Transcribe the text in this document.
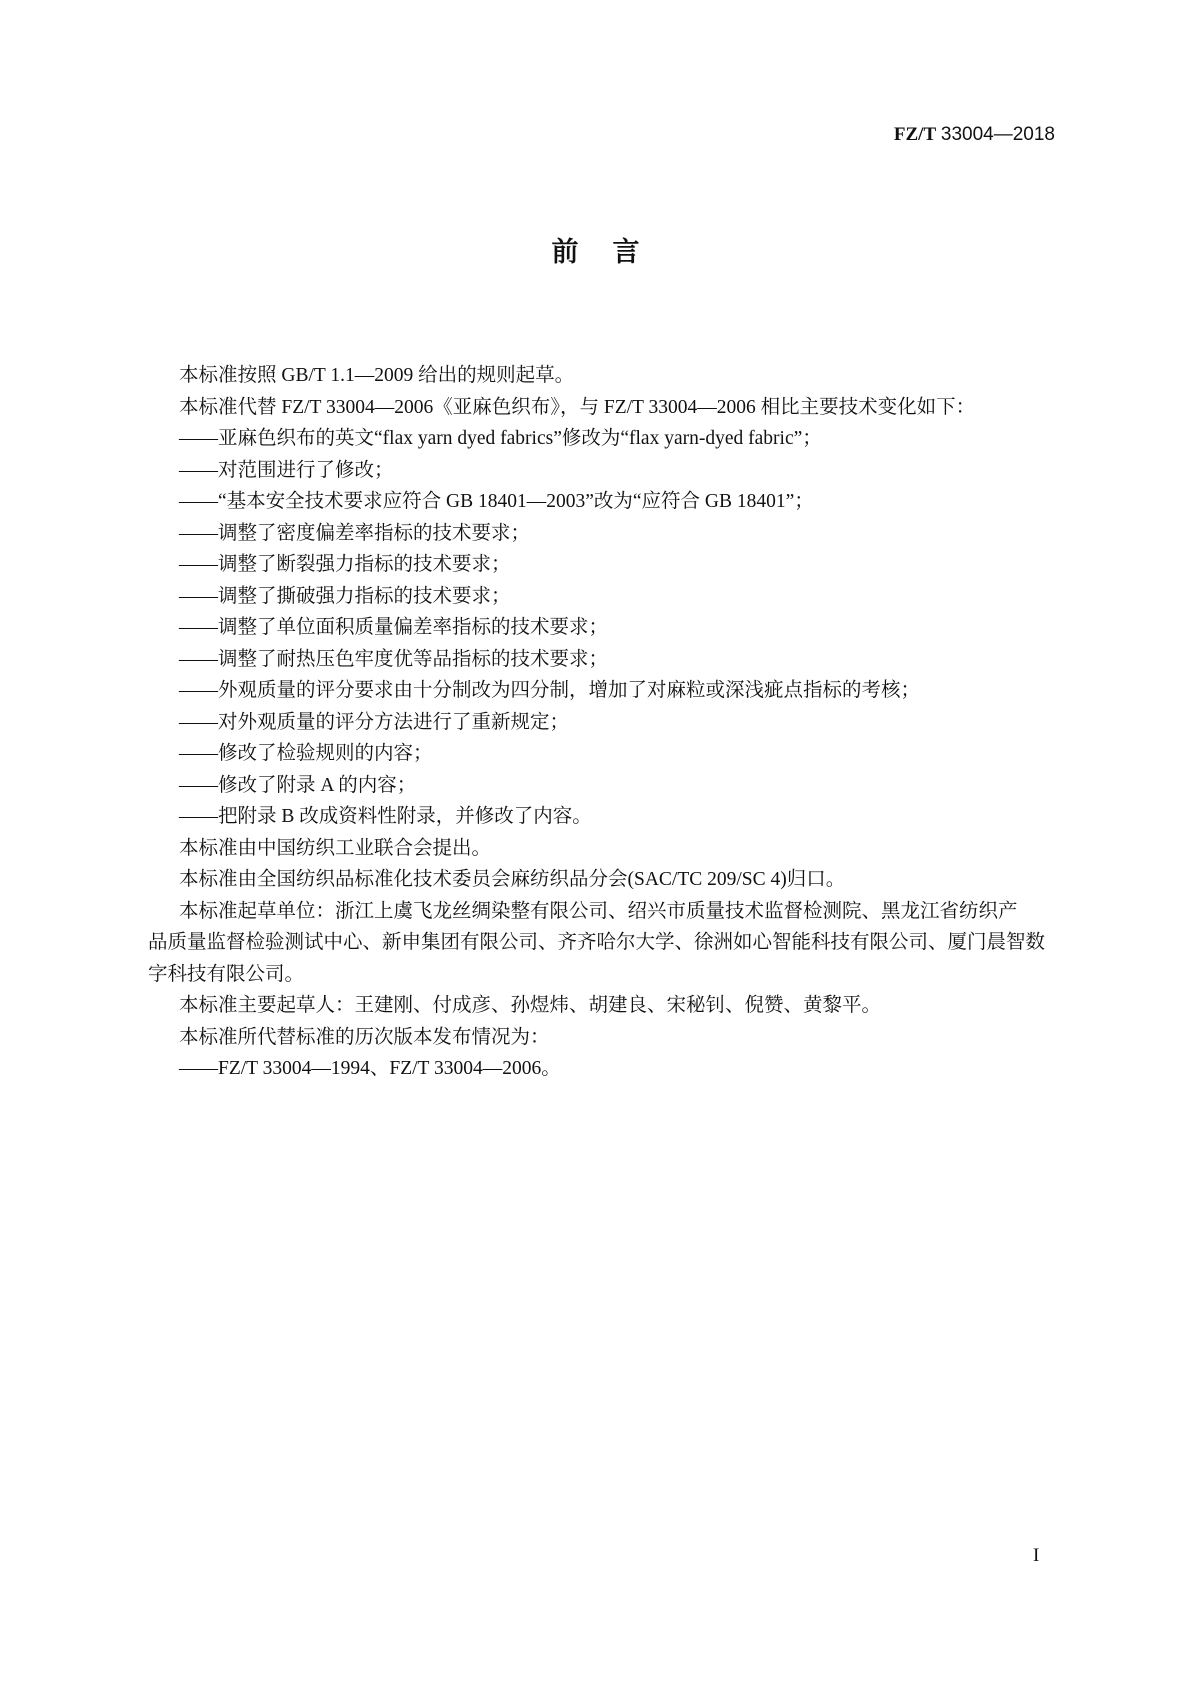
FZ/T 33004—2018
前言
本标准按照 GB/T 1.1—2009 给出的规则起草。
本标准代替 FZ/T 33004—2006《亚麻色织布》，与 FZ/T 33004—2006 相比主要技术变化如下：
——亚麻色织布的英文“flax yarn dyed fabrics”修改为“flax yarn-dyed fabric”；
——对范围进行了修改；
——“基本安全技术要求应符合 GB 18401—2003”改为“应符合 GB 18401”；
——调整了密度偏差率指标的技术要求；
——调整了断裂强力指标的技术要求；
——调整了撕破强力指标的技术要求；
——调整了单位面积质量偏差率指标的技术要求；
——调整了耐热压色牢度优等品指标的技术要求；
——外观质量的评分要求由十分制改为四分制，增加了对麻粒或深浅疵点指标的考核；
——对外观质量的评分方法进行了重新规定；
——修改了检验规则的内容；
——修改了附录 A 的内容；
——把附录 B 改成资料性附录，并修改了内容。
本标准由中国纺织工业联合会提出。
本标准由全国纺织品标准化技术委员会麻纺织品分会(SAC/TC 209/SC 4)归口。
本标准起草单位：浙江上虞飞龙丝绸染整有限公司、绍兴市质量技术监督检测院、黑龙江省纺织产
品质量监督检验测试中心、新申集团有限公司、齐齐哈尔大学、徐洲如心智能科技有限公司、厦门晨智数
字科技有限公司。
本标准主要起草人：王建刚、付成彦、孙煜炜、胡建良、宋秘钊、倪赞、黄黎平。
本标准所代替标准的历次版本发布情况为：
——FZ/T 33004—1994、FZ/T 33004—2006。
I
